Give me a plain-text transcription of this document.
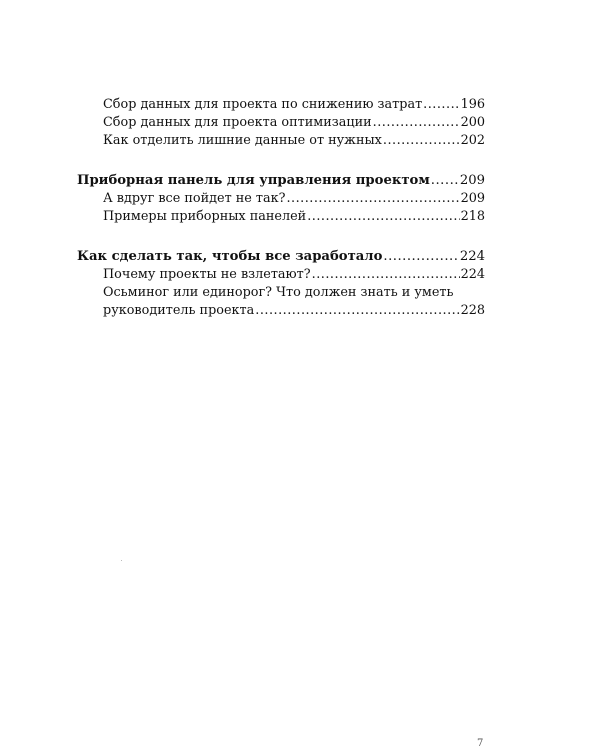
Сбор данных для проекта по снижению затрат .....	196
Сбор данных для проекта оптимизации .....	200
Как отделить лишние данные от нужных .....	202
Приборная панель для управления проектом ..... 209
А вдруг все пойдет не так? .....	209
Примеры приборных панелей .....	218
Как сделать так, чтобы все заработало .....	224
Почему проекты не взлетают? .....	224
Осьминог или единорог? Что должен знать и уметь
руководитель проекта .....	228
7
